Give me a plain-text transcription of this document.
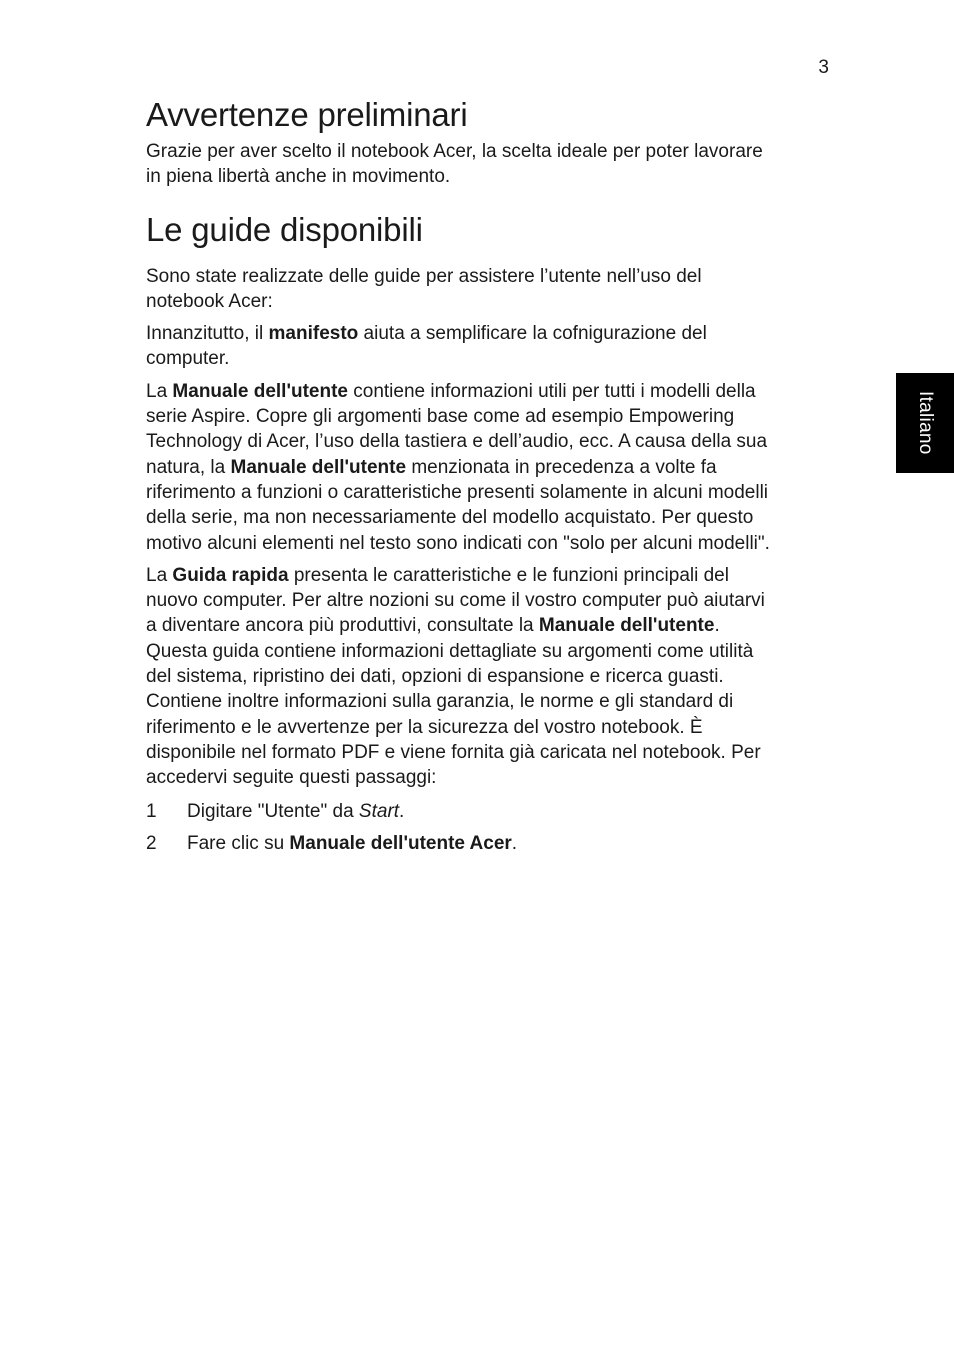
3
Italiano
Avvertenze preliminari

Grazie per aver scelto il notebook Acer, la scelta ideale per poter lavorare
in piena libertà anche in movimento.

Le guide disponibili

Sono state realizzate delle guide per assistere l’utente nell’uso del
notebook Acer:

Innanzitutto, il manifesto aiuta a semplificare la cofnigurazione del
computer.

La Manuale dell'utente contiene informazioni utili per tutti i modelli della
serie Aspire. Copre gli argomenti base come ad esempio Empowering
Technology di Acer, l’uso della tastiera e dell’audio, ecc. A causa della sua
natura, la Manuale dell'utente menzionata in precedenza a volte fa
riferimento a funzioni o caratteristiche presenti solamente in alcuni modelli
della serie, ma non necessariamente del modello acquistato. Per questo
motivo alcuni elementi nel testo sono indicati con "solo per alcuni modelli".

La Guida rapida presenta le caratteristiche e le funzioni principali del
nuovo computer. Per altre nozioni su come il vostro computer può aiutarvi
a diventare ancora più produttivi, consultate la Manuale dell'utente.
Questa guida contiene informazioni dettagliate su argomenti come utilità
del sistema, ripristino dei dati, opzioni di espansione e ricerca guasti.
Contiene inoltre informazioni sulla garanzia, le norme e gli standard di
riferimento e le avvertenze per la sicurezza del vostro notebook. È
disponibile nel formato PDF e viene fornita già caricata nel notebook. Per
accedervi seguite questi passaggi:

1	Digitare "Utente" da Start.
2	Fare clic su Manuale dell'utente Acer.
